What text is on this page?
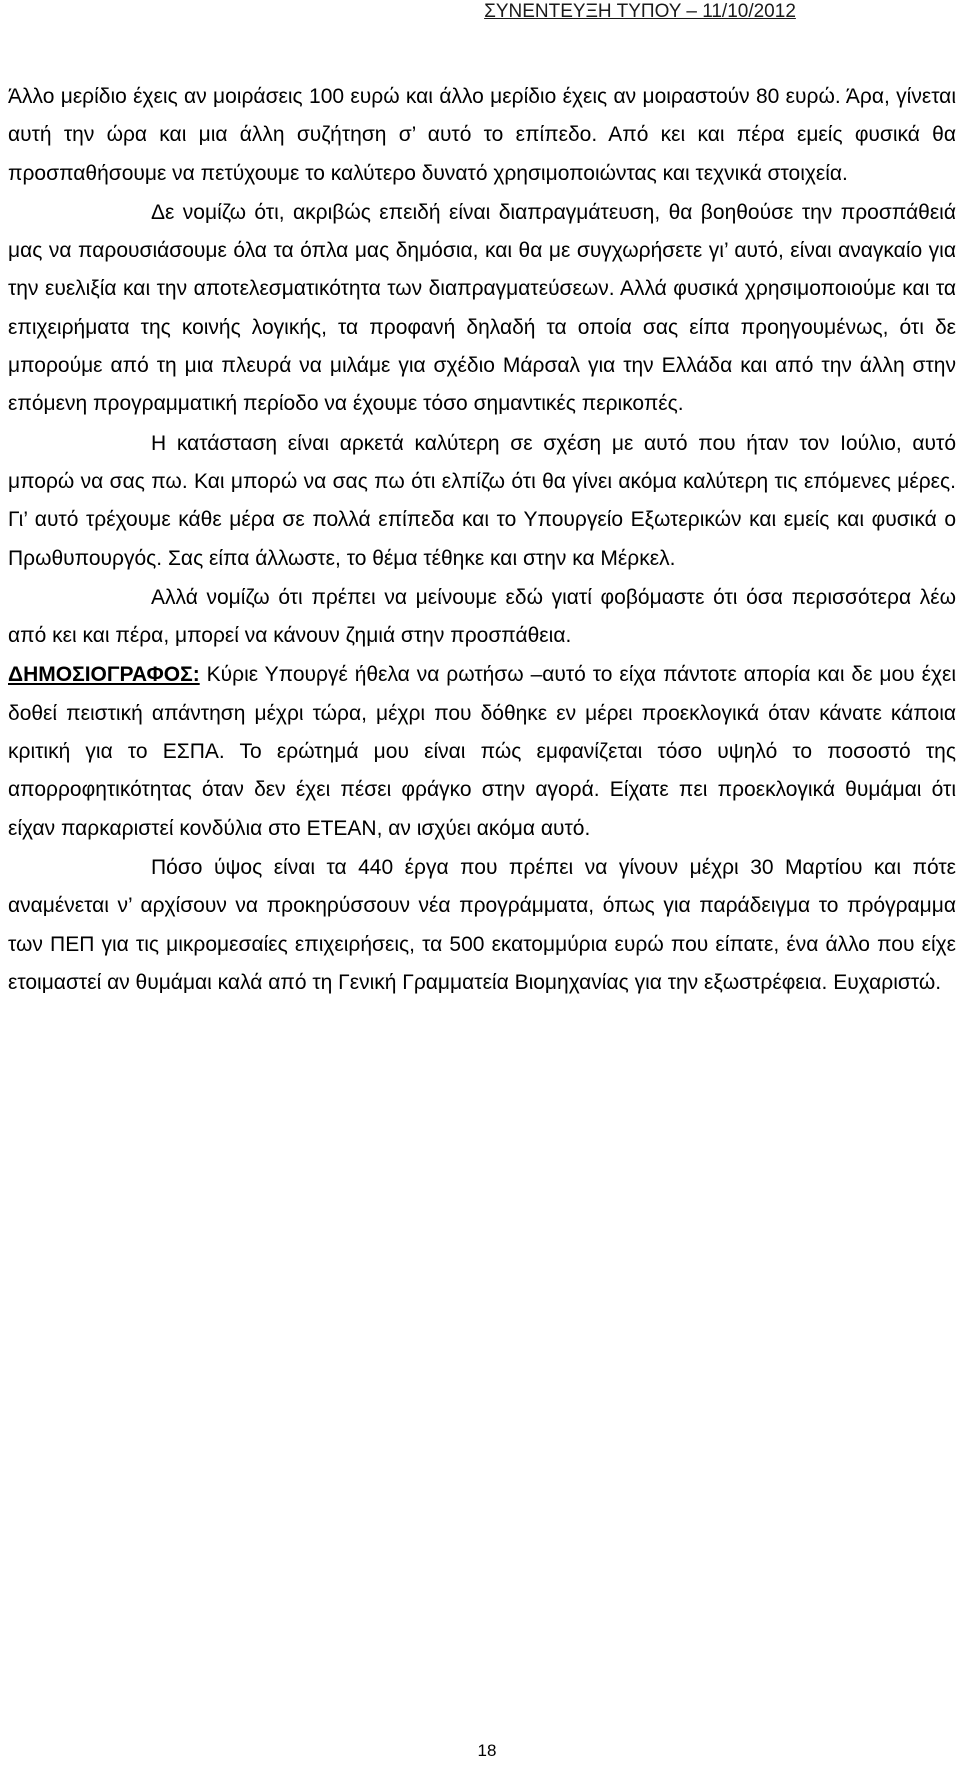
ΣΥΝΕΝΤΕΥΞΗ ΤΥΠΟΥ – 11/10/2012

Άλλο μερίδιο έχεις αν μοιράσεις 100 ευρώ και άλλο μερίδιο έχεις αν μοιραστούν 80 ευρώ. Άρα, γίνεται αυτή την ώρα και μια άλλη συζήτηση σ’ αυτό το επίπεδο. Από κει και πέρα εμείς φυσικά θα προσπαθήσουμε να πετύχουμε το καλύτερο δυνατό χρησιμοποιώντας και τεχνικά στοιχεία.

Δε νομίζω ότι, ακριβώς επειδή είναι διαπραγμάτευση, θα βοηθούσε την προσπάθειά μας να παρουσιάσουμε όλα τα όπλα μας δημόσια, και θα με συγχωρήσετε γι’ αυτό, είναι αναγκαίο για την ευελιξία και την αποτελεσματικότητα των διαπραγματεύσεων. Αλλά φυσικά χρησιμοποιούμε και τα επιχειρήματα της κοινής λογικής, τα προφανή δηλαδή τα οποία σας είπα προηγουμένως, ότι δε μπορούμε από τη μια πλευρά να μιλάμε για σχέδιο Μάρσαλ για την Ελλάδα και από την άλλη στην επόμενη προγραμματική περίοδο να έχουμε τόσο σημαντικές περικοπές.

Η κατάσταση είναι αρκετά καλύτερη σε σχέση με αυτό που ήταν τον Ιούλιο, αυτό μπορώ να σας πω. Και μπορώ να σας πω ότι ελπίζω ότι θα γίνει ακόμα καλύτερη τις επόμενες μέρες. Γι’ αυτό τρέχουμε κάθε μέρα σε πολλά επίπεδα και το Υπουργείο Εξωτερικών και εμείς και φυσικά ο Πρωθυπουργός. Σας είπα άλλωστε, το θέμα τέθηκε και στην κα Μέρκελ.

Αλλά νομίζω ότι πρέπει να μείνουμε εδώ γιατί φοβόμαστε ότι όσα περισσότερα λέω από κει και πέρα, μπορεί να κάνουν ζημιά στην προσπάθεια.

ΔΗΜΟΣΙΟΓΡΑΦΟΣ: Κύριε Υπουργέ ήθελα να ρωτήσω –αυτό το είχα πάντοτε απορία και δε μου έχει δοθεί πειστική απάντηση μέχρι τώρα, μέχρι που δόθηκε εν μέρει προεκλογικά όταν κάνατε κάποια κριτική για το ΕΣΠΑ. Το ερώτημά μου είναι πώς εμφανίζεται τόσο υψηλό το ποσοστό της απορροφητικότητας όταν δεν έχει πέσει φράγκο στην αγορά. Είχατε πει προεκλογικά θυμάμαι ότι είχαν παρκαριστεί κονδύλια στο ΕΤΕΑΝ, αν ισχύει ακόμα αυτό.

Πόσο ύψος είναι τα 440 έργα που πρέπει να γίνουν μέχρι 30 Μαρτίου και πότε αναμένεται ν’ αρχίσουν να προκηρύσσουν νέα προγράμματα, όπως για παράδειγμα το πρόγραμμα των ΠΕΠ για τις μικρομεσαίες επιχειρήσεις, τα 500 εκατομμύρια ευρώ που είπατε, ένα άλλο που είχε ετοιμαστεί αν θυμάμαι καλά από τη Γενική Γραμματεία Βιομηχανίας για την εξωστρέφεια. Ευχαριστώ.

18
